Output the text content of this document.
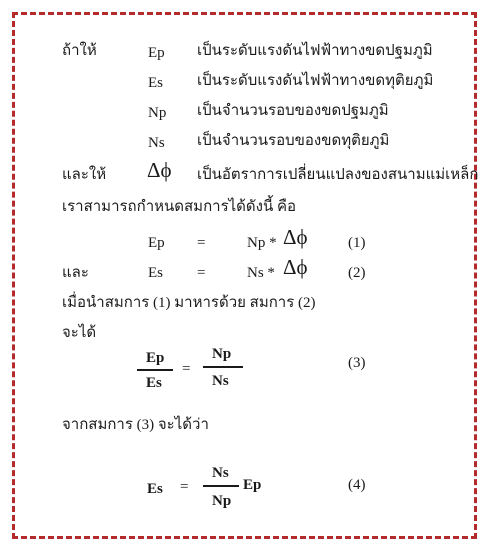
ถ้าให้	Ep เป็นระดับแรงดันไฟฟ้าทางขดปฐมภูมิ
Es เป็นระดับแรงดันไฟฟ้าทางขดทุติยภูมิ
Np เป็นจำนวนรอบของขดปฐมภูมิ
Ns เป็นจำนวนรอบของขดทุติยภูมิ
และให้ Δϕ เป็นอัตราการเปลี่ยนแปลงของสนามแม่เหล็ก
เราสามารถกำหนดสมการได้ดังนี้ คือ
Ep =	Np * Δϕ	(1)
และ	Es =	Ns * Δϕ	(2)
เมื่อนำสมการ (1) มาหารด้วย สมการ (2)
จะได้
Ep
Es
=
Np
Ns
(3)
จากสมการ (3) จะได้ว่า
Es =
Ns
Np
Ep	(4)
